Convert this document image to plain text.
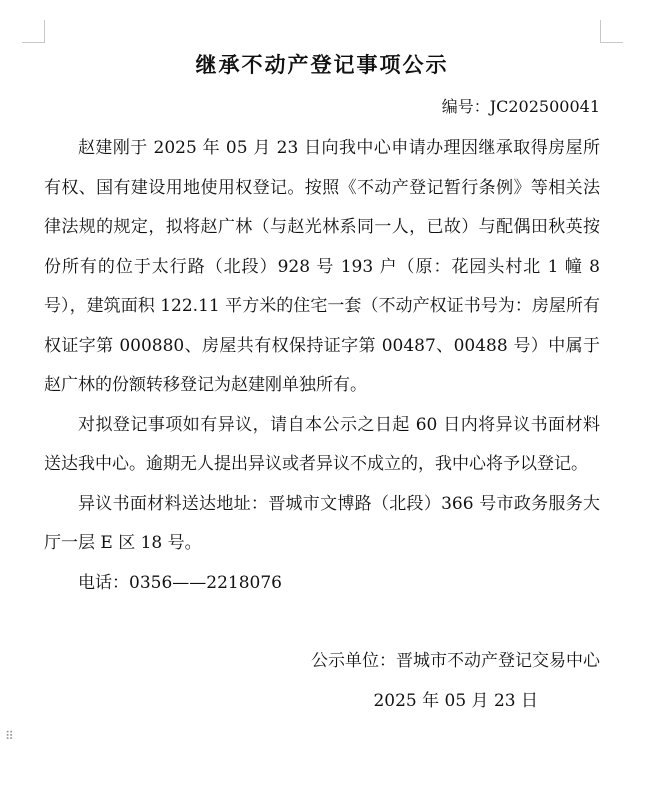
继承不动产登记事项公示
编号：JC202500041

赵建刚于 2025 年 05 月 23 日向我中心申请办理因继承取得房屋所有权、国有建设用地使用权登记。按照《不动产登记暂行条例》等相关法律法规的规定，拟将赵广林（与赵光林系同一人，已故）与配偶田秋英按份所有的位于太行路（北段）928 号 193 户（原：花园头村北 1 幢 8 号），建筑面积 122.11 平方米的住宅一套（不动产权证书号为：房屋所有权证字第 000880、房屋共有权保持证字第 00487、00488 号）中属于赵广林的份额转移登记为赵建刚单独所有。

对拟登记事项如有异议，请自本公示之日起 60 日内将异议书面材料送达我中心。逾期无人提出异议或者异议不成立的，我中心将予以登记。

异议书面材料送达地址：晋城市文博路（北段）366 号市政务服务大厅一层 E 区 18 号。

电话：0356——2218076

公示单位：晋城市不动产登记交易中心
2025 年 05 月 23 日
⠿
